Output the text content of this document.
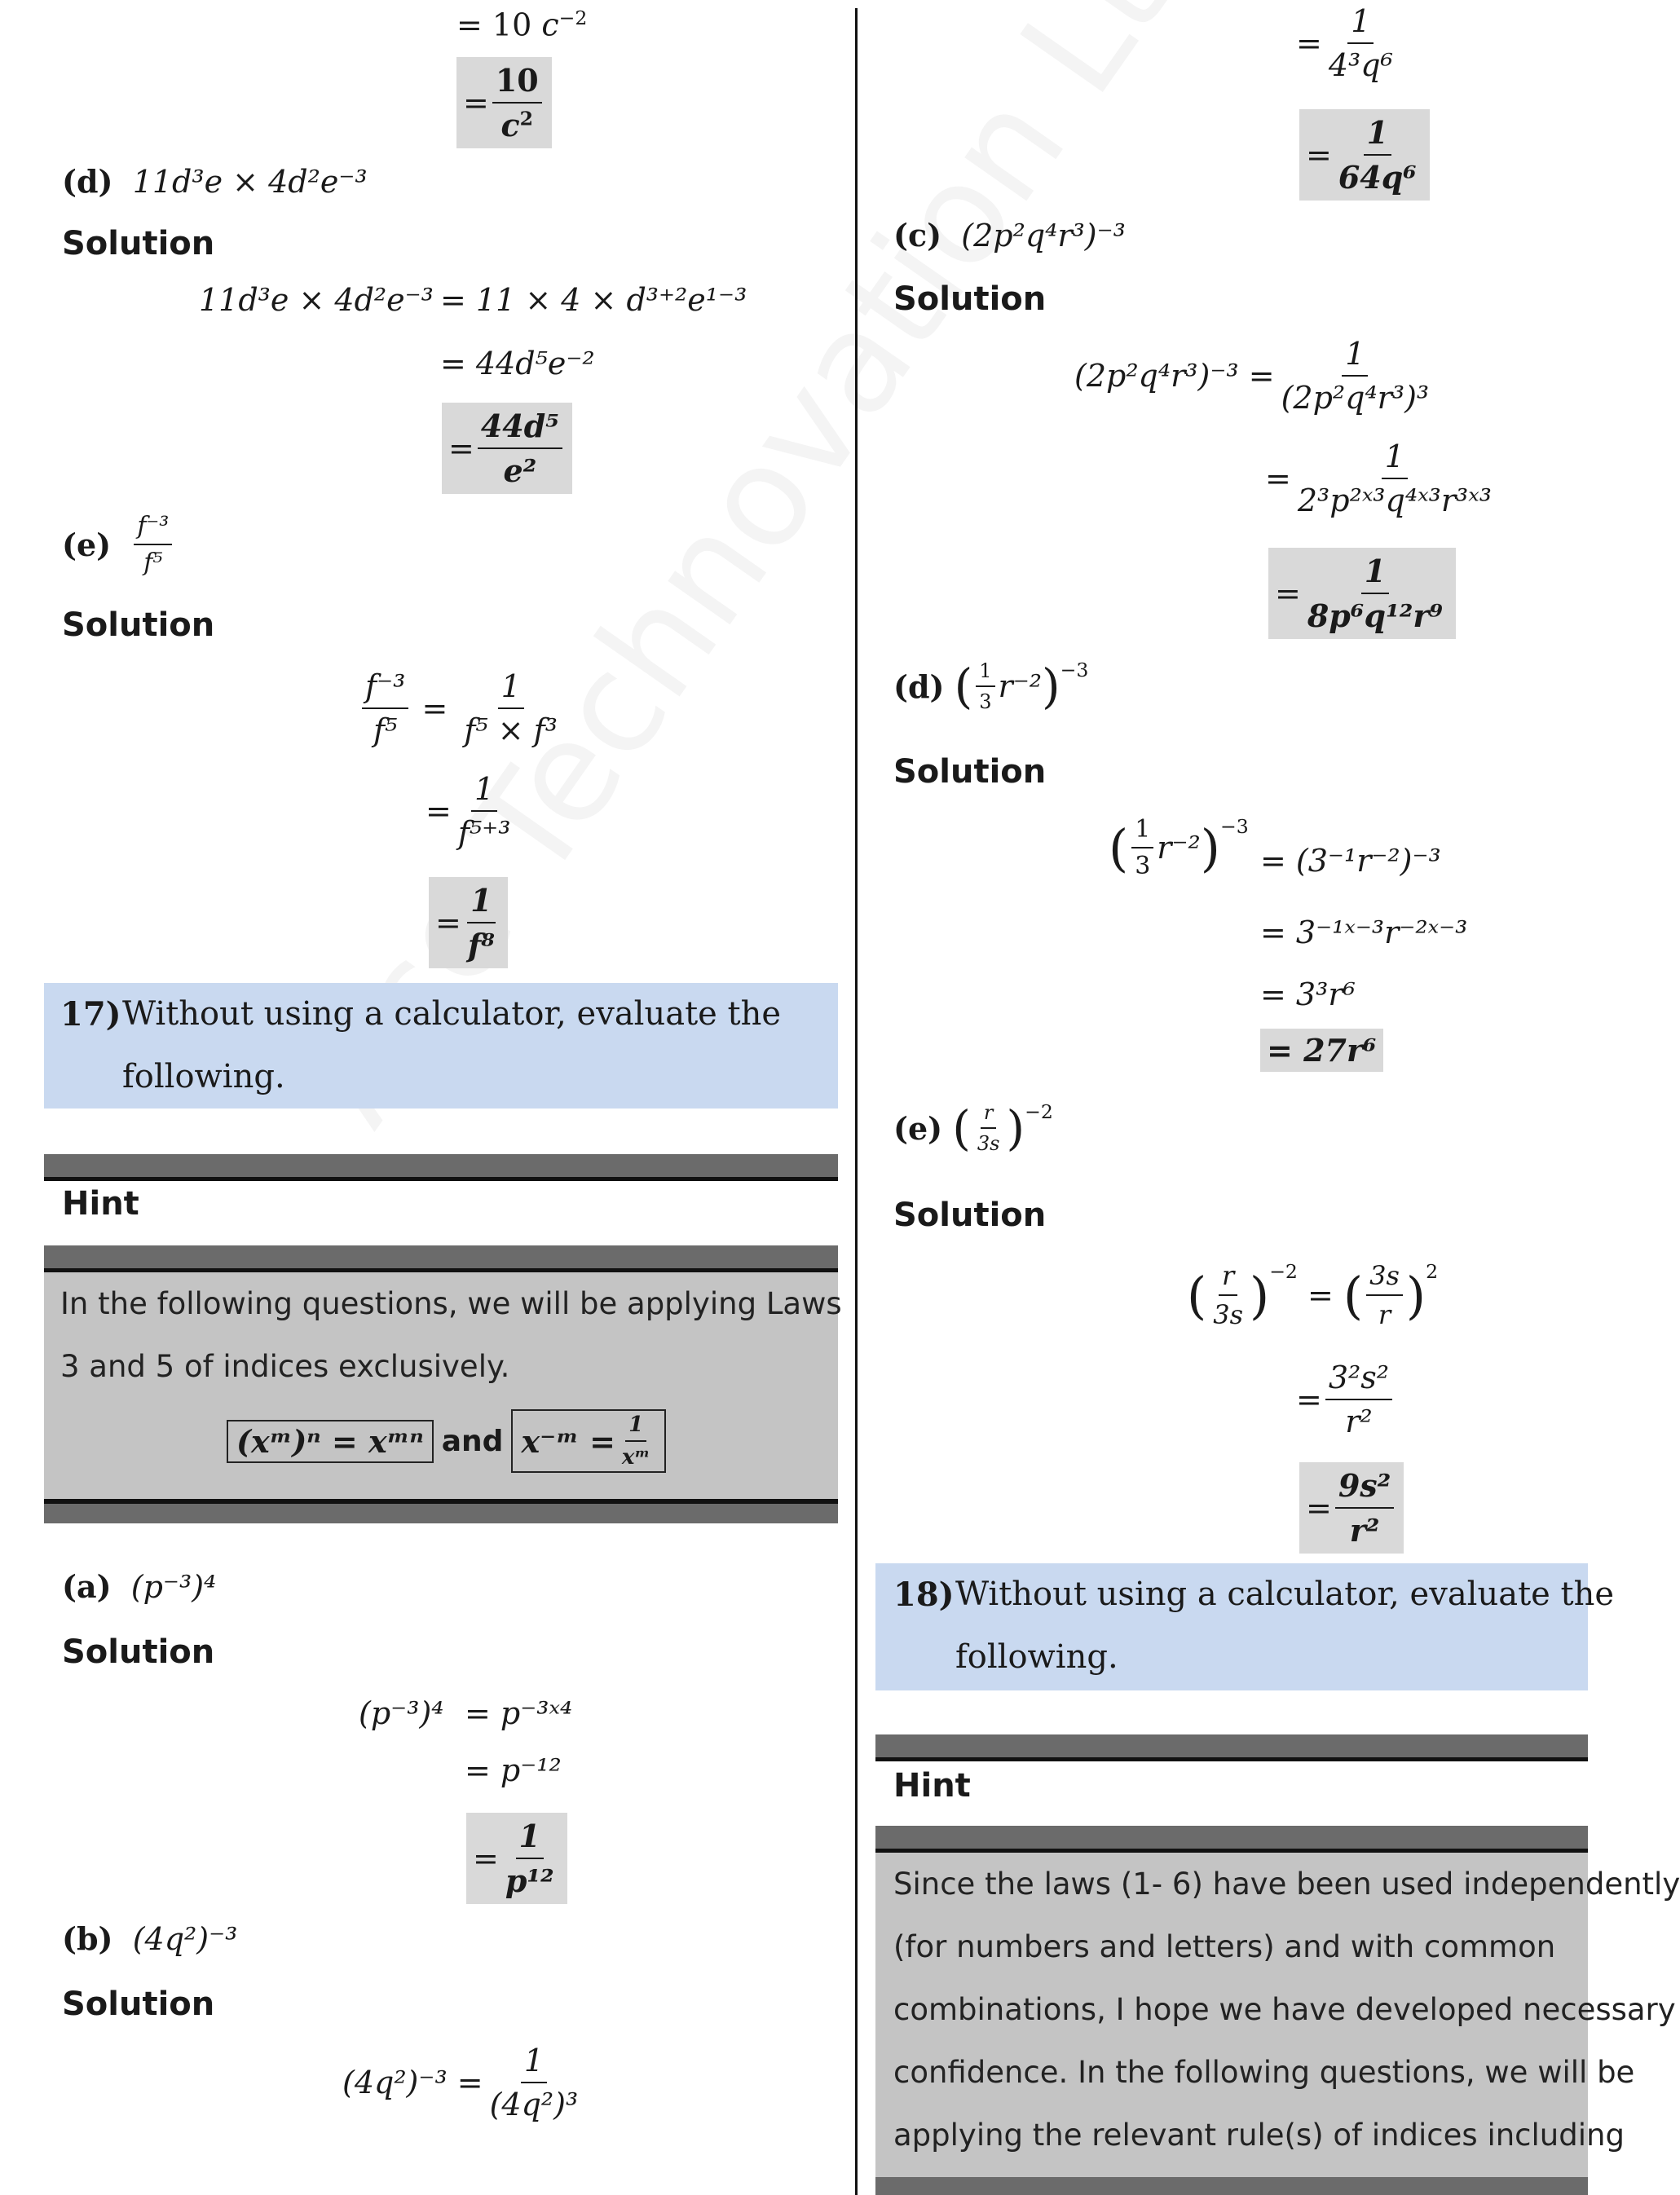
= 10 $c^{-2}$
= $\frac{10}{c^2}$
(d) 11d³e × 4d²e⁻³
Solution
11d³e × 4d²e⁻³ = 11 × 4 × d³⁺²e¹⁻³
= 44d⁵e⁻²
= $\frac{\text{44d⁵}}{\text{e²}}$
(e)
$\frac{\text{f⁻³}}{\text{f⁵}}$
Solution
$\frac{\text{f⁻³}}{\text{f⁵}} = \frac{1}{\text{f⁵ × f³}}$
= $\frac{1}{\text{f⁵⁺³}}$
= $\frac{1}{\text{f⁸}}$
17) Without using a calculator, evaluate the
following.
Hint
In the following questions, we will be applying Laws
3 and 5 of indices exclusively.
(xᵐ)ⁿ = xᵐⁿ and x⁻ᵐ = $\frac{1}{\text{xᵐ}}$
(a) (p⁻³)⁴
Solution
(p⁻³)⁴ = p⁻³ˣ⁴
= p⁻¹²
= $\frac{1}{\text{p¹²}}$
(b) (4q²)⁻³
Solution
$(4q^2)^{-3} = \frac{1}{\text{(4q²)³}}$
= $\frac{1}{\text{4³q⁶}}$
= $\frac{1}{\text{64q⁶}}$
(c) (2p²q⁴r³)⁻³
Solution
$(2p^2q^4r^3)^{-3} = \frac{1}{\text{(2p²q⁴r³)³}}$
= $\frac{1}{\text{2³p²ˣ³q⁴ˣ³r³ˣ³}}$
= $\frac{1}{\text{8p⁶q¹²r⁹}}$
(d)
( $\frac{1}{3} r^{-2}$ )$^{-3}$
Solution
( $\frac{1}{3} r^{-2}$ )$^{-3}$
= (3⁻¹r⁻²)⁻³
= 3⁻¹ˣ⁻³r⁻²ˣ⁻³
= 3³r⁶
= 27r⁶
(e)
( $\frac{r}{3s} )^{-2}$
Solution
( $\frac{r}{3s} )^{-2}$
= ( $\frac{3s}{r} )^2$
= $\frac{\text{3²s²}}{\text{r²}}$
= $\frac{\text{9s²}}{\text{r²}}$
18) Without using a calculator, evaluate the
following.
Hint
Since the laws (1- 6) have been used independently
(for numbers and letters) and with common
combinations, I hope we have developed necessary
confidence. In the following questions, we will be
applying the relevant rule(s) of indices including
